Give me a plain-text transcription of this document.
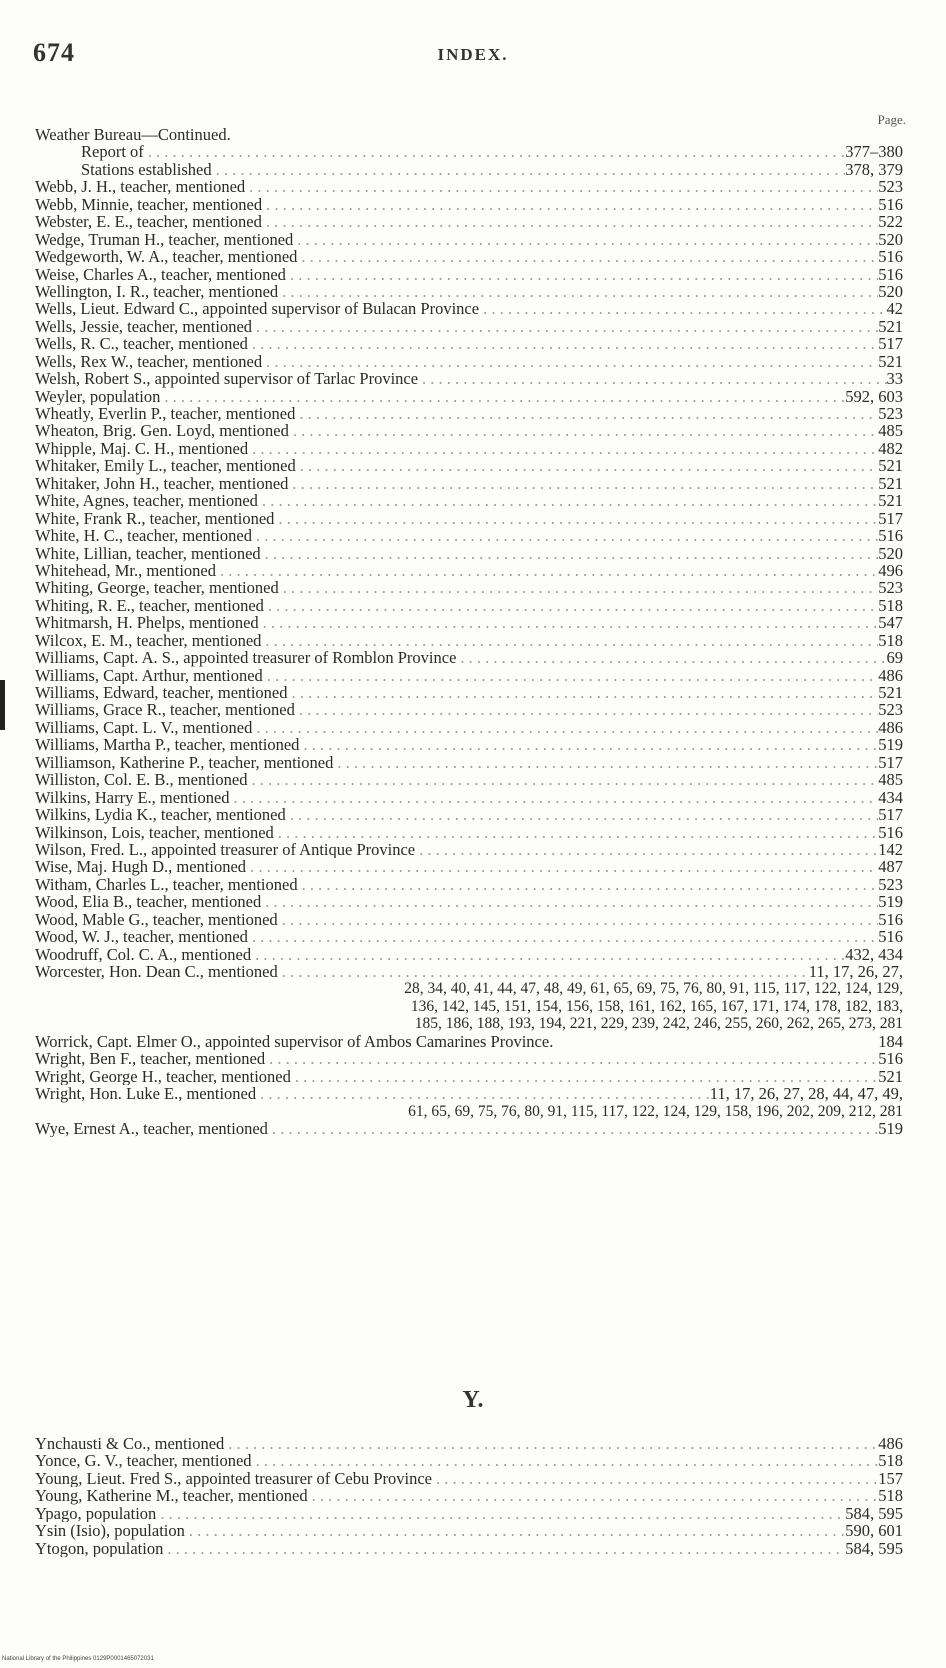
674	INDEX.
Page.
Weather Bureau—Continued.
Report of . . .	377–380
Stations established . . .	378, 379
Webb, J. H., teacher, mentioned . . .	523
Webb, Minnie, teacher, mentioned . . .	516
Webster, E. E., teacher, mentioned . . .	522
Wedge, Truman H., teacher, mentioned . . .	520
Wedgeworth, W. A., teacher, mentioned . . .	516
Weise, Charles A., teacher, mentioned . . .	516
Wellington, I. R., teacher, mentioned . . .	520
Wells, Lieut. Edward C., appointed supervisor of Bulacan Province . . .	42
Wells, Jessie, teacher, mentioned . . .	521
Wells, R. C., teacher, mentioned . . .	517
Wells, Rex W., teacher, mentioned . . .	521
Welsh, Robert S., appointed supervisor of Tarlac Province . . .	33
Weyler, population . . .	592, 603
Wheatly, Everlin P., teacher, mentioned . . .	523
Wheaton, Brig. Gen. Loyd, mentioned . . .	485
Whipple, Maj. C. H., mentioned . . .	482
Whitaker, Emily L., teacher, mentioned . . .	521
Whitaker, John H., teacher, mentioned . . .	521
White, Agnes, teacher, mentioned . . .	521
White, Frank R., teacher, mentioned . . .	517
White, H. C., teacher, mentioned . . .	516
White, Lillian, teacher, mentioned . . .	520
Whitehead, Mr., mentioned . . .	496
Whiting, George, teacher, mentioned . . .	523
Whiting, R. E., teacher, mentioned . . .	518
Whitmarsh, H. Phelps, mentioned . . .	547
Wilcox, E. M., teacher, mentioned . . .	518
Williams, Capt. A. S., appointed treasurer of Romblon Province . . .	69
Williams, Capt. Arthur, mentioned . . .	486
Williams, Edward, teacher, mentioned . . .	521
Williams, Grace R., teacher, mentioned . . .	523
Williams, Capt. L. V., mentioned . . .	486
Williams, Martha P., teacher, mentioned . . .	519
Williamson, Katherine P., teacher, mentioned . . .	517
Williston, Col. E. B., mentioned . . .	485
Wilkins, Harry E., mentioned . . .	434
Wilkins, Lydia K., teacher, mentioned . . .	517
Wilkinson, Lois, teacher, mentioned . . .	516
Wilson, Fred. L., appointed treasurer of Antique Province . . .	142
Wise, Maj. Hugh D., mentioned . . .	487
Witham, Charles L., teacher, mentioned . . .	523
Wood, Elia B., teacher, mentioned . . .	519
Wood, Mable G., teacher, mentioned . . .	516
Wood, W. J., teacher, mentioned . . .	516
Woodruff, Col. C. A., mentioned . . .	432, 434
Worcester, Hon. Dean C., mentioned . . .	11, 17, 26, 27,
28, 34, 40, 41, 44, 47, 48, 49, 61, 65, 69, 75, 76, 80, 91, 115, 117, 122, 124, 129,
136, 142, 145, 151, 154, 156, 158, 161, 162, 165, 167, 171, 174, 178, 182, 183,
185, 186, 188, 193, 194, 221, 229, 239, 242, 246, 255, 260, 262, 265, 273, 281
Worrick, Capt. Elmer O., appointed supervisor of Ambos Camarines Province.	184
Wright, Ben F., teacher, mentioned . . .	516
Wright, George H., teacher, mentioned . . .	521
Wright, Hon. Luke E., mentioned . . .	11, 17, 26, 27, 28, 44, 47, 49,
61, 65, 69, 75, 76, 80, 91, 115, 117, 122, 124, 129, 158, 196, 202, 209, 212, 281
Wye, Ernest A., teacher, mentioned . . .	519
Y.
Ynchausti & Co., mentioned . . .	486
Yonce, G. V., teacher, mentioned . . .	518
Young, Lieut. Fred S., appointed treasurer of Cebu Province . . .	157
Young, Katherine M., teacher, mentioned . . .	518
Ypago, population . . .	584, 595
Ysin (Isio), population . . .	590, 601
Ytogon, population . . .	584, 595
National Library of the Philippines 0129P0001465072031
